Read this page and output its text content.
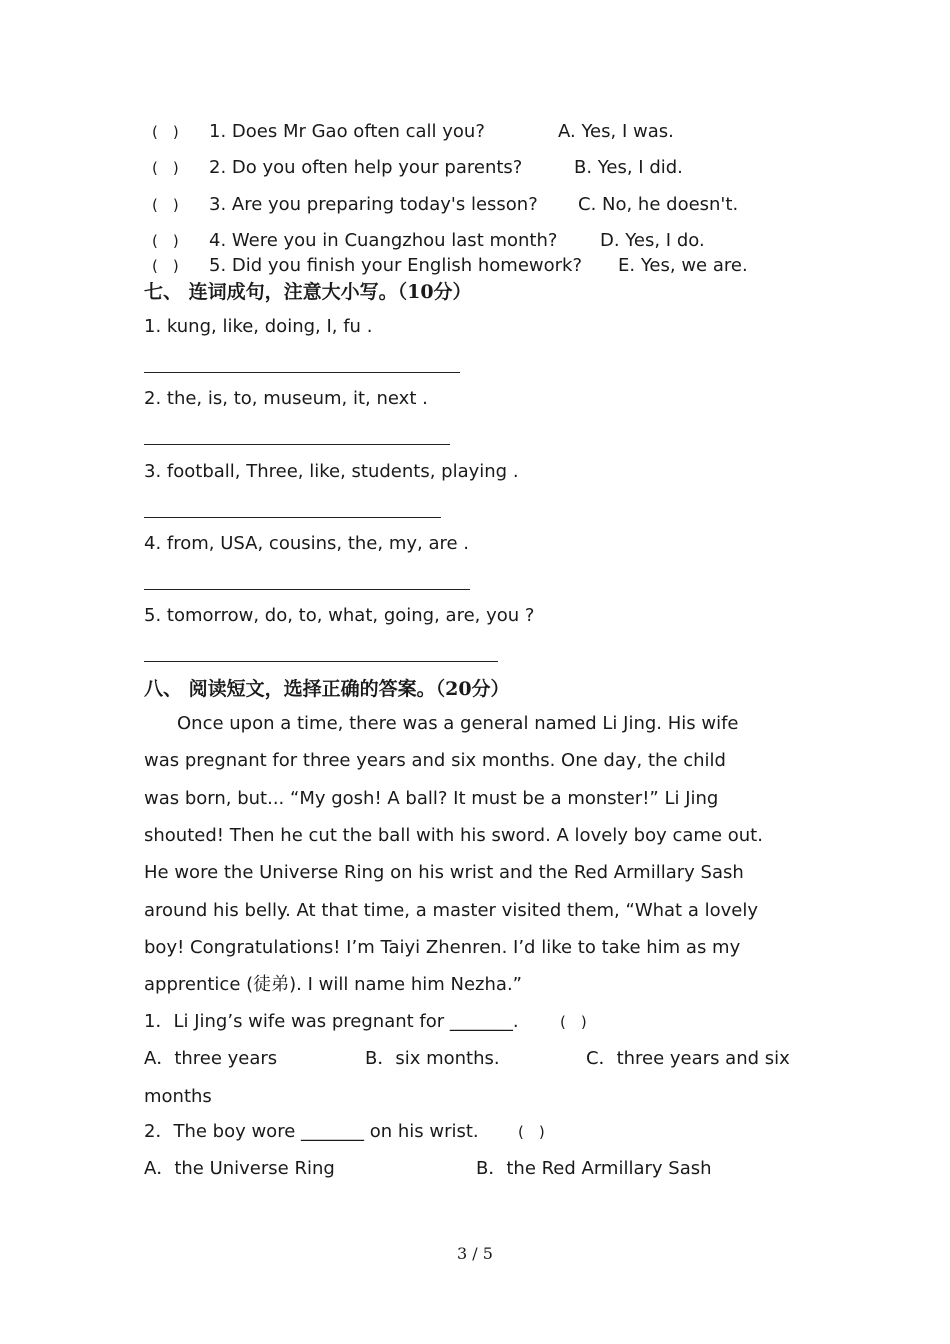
(　) 1. Does Mr Gao often call you?	A. Yes, I was.
(　) 2. Do you often help your parents?	B. Yes, I did.
(　) 3. Are you preparing today's lesson? C. No, he doesn't.
(　) 4. Were you in Cuangzhou last month? D. Yes, I do.
(　) 5. Did you finish your English homework? E. Yes, we are.
七、 连词成句，注意大小写。（10分）
1. kung, like, doing, I, fu .
2. the, is, to, museum, it, next .
3. football, Three, like, students, playing .
4. from, USA, cousins, the, my, are .
5. tomorrow, do, to, what, going, are, you ?
八、 阅读短文，选择正确的答案。（20分）
Once upon a time, there was a general named Li Jing. His wife
was pregnant for three years and six months. One day, the child
was born, but... “My gosh! A ball? It must be a monster!” Li Jing
shouted! Then he cut the ball with his sword. A lovely boy came out.
He wore the Universe Ring on his wrist and the Red Armillary Sash
around his belly. At that time, a master visited them, “What a lovely
boy! Congratulations! I’m Taiyi Zhenren. I’d like to take him as my
apprentice (徒弟). I will name him Nezha.”
1．Li Jing’s wife was pregnant for _______.	(　)
A．three years	B．six months.	C．three years and six
months
2．The boy wore _______ on his wrist.	(　)
A．the Universe Ring	B．the Red Armillary Sash
3 / 5
